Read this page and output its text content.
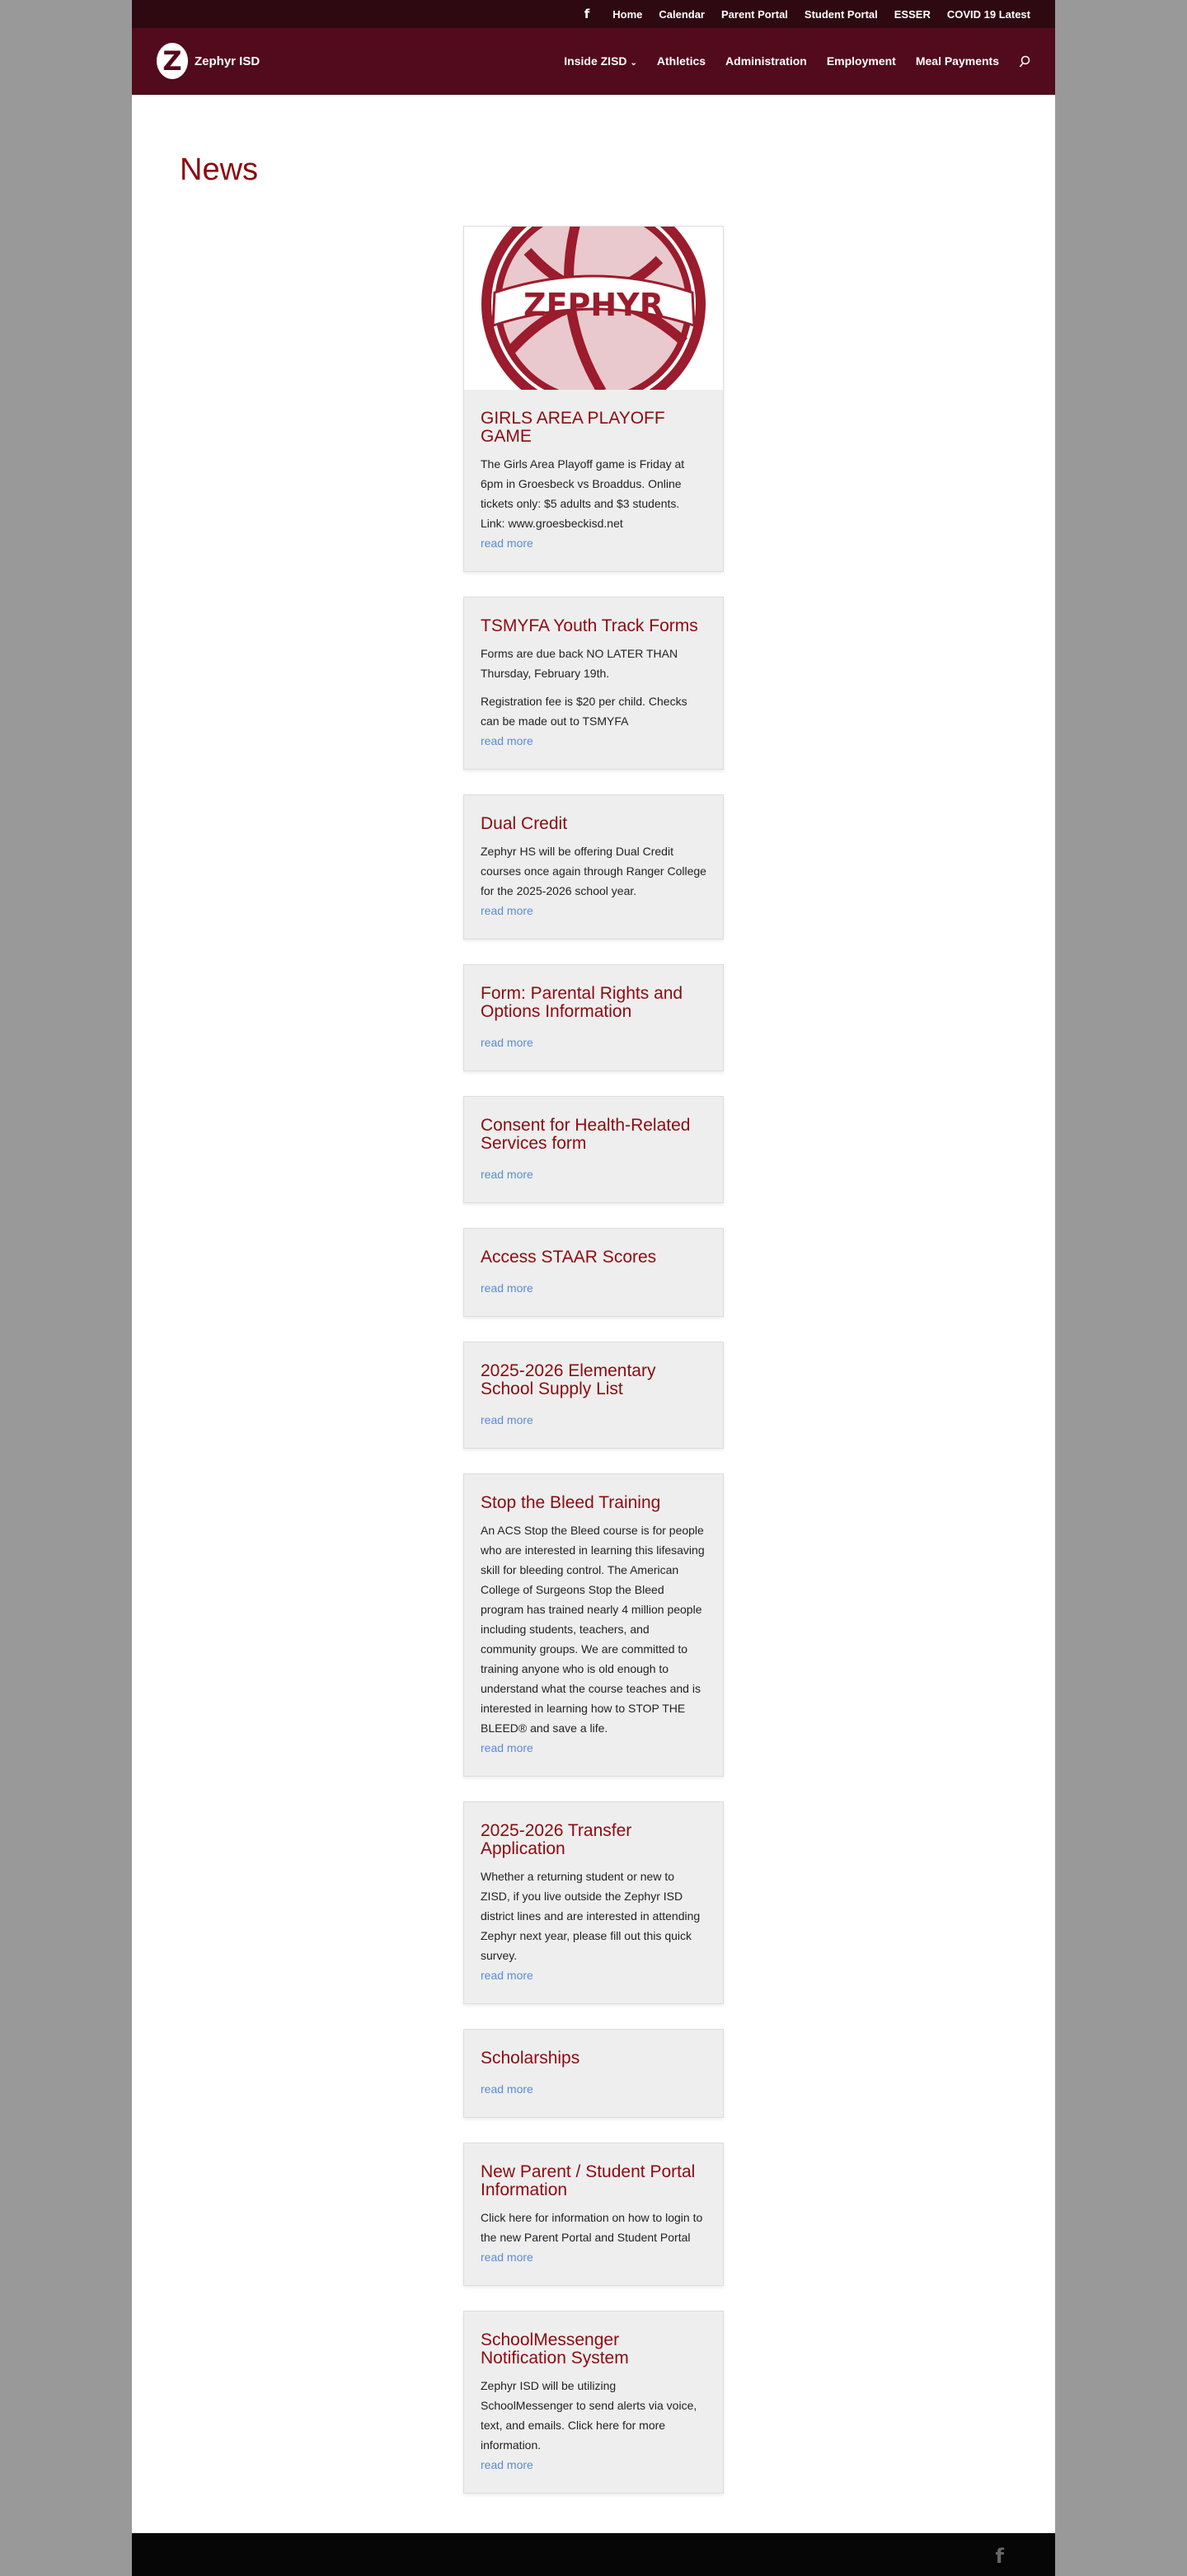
f Home Calendar Parent Portal Student Portal ESSER COVID 19 Latest
Z	Zephyr ISD	Inside ZISD ⌄ Athletics Administration Employment Meal Payments
News
ZEPHYR
GIRLS AREA PLAYOFF GAME

The Girls Area Playoff game is Friday at 6pm in Groesbeck vs Broaddus. Online tickets only: $5 adults and $3 students. Link: www.groesbeckisd.net

read more
TSMYFA Youth Track Forms

Forms are due back NO LATER THAN Thursday, February 19th.

Registration fee is $20 per child. Checks can be made out to TSMYFA

read more
Dual Credit

Zephyr HS will be offering Dual Credit courses once again through Ranger College for the 2025-2026 school year.

read more
Form: Parental Rights and Options Information
read more
Consent for Health-Related Services form
read more
Access STAAR Scores
read more
2025-2026 Elementary School Supply List
read more
Stop the Bleed Training

An ACS Stop the Bleed course is for people who are interested in learning this lifesaving skill for bleeding control. The American College of Surgeons Stop the Bleed program has trained nearly 4 million people including students, teachers, and community groups. We are committed to training anyone who is old enough to understand what the course teaches and is interested in learning how to STOP THE BLEED® and save a life.

read more
2025-2026 Transfer Application

Whether a returning student or new to ZISD, if you live outside the Zephyr ISD district lines and are interested in attending Zephyr next year, please fill out this quick survey.

read more
Scholarships
read more
New Parent / Student Portal Information

Click here for information on how to login to the new Parent Portal and Student Portal

read more
SchoolMessenger Notification System

Zephyr ISD will be utilizing SchoolMessenger to send alerts via voice, text, and emails. Click here for more information.

read more
f
